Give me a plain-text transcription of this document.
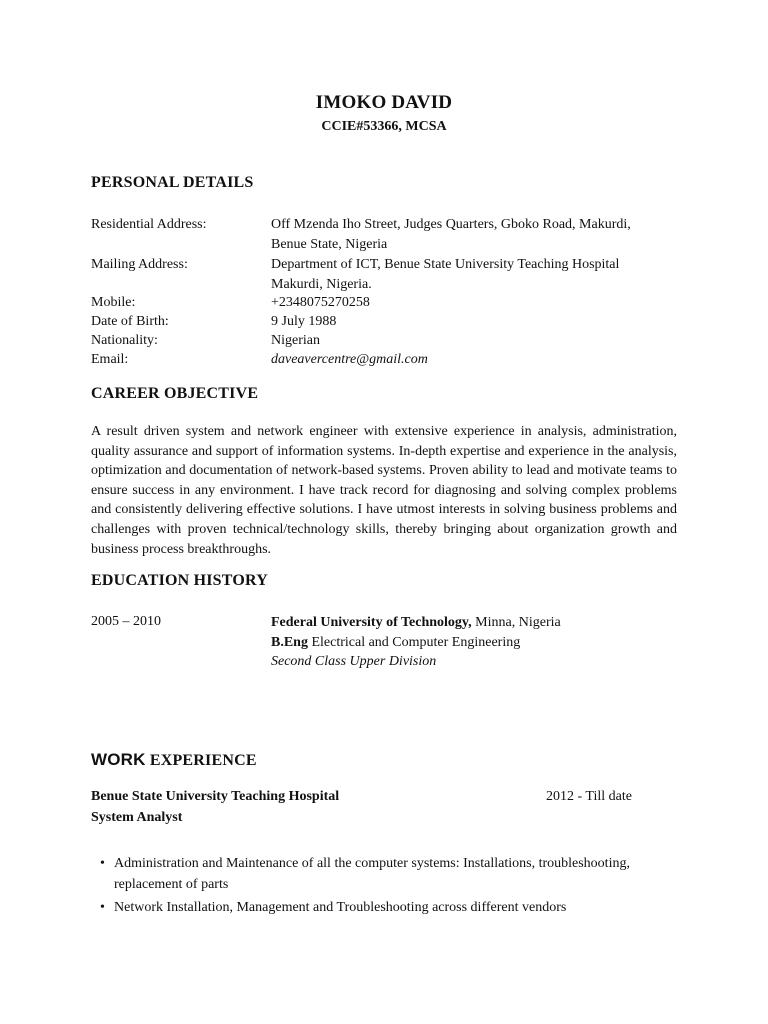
IMOKO DAVID
CCIE#53366, MCSA
PERSONAL DETAILS
Residential Address:	Off Mzenda Iho Street, Judges Quarters, Gboko Road, Makurdi,
Benue State, Nigeria
Mailing Address:	Department of ICT, Benue State University Teaching Hospital
Makurdi, Nigeria.
Mobile:	+2348075270258
Date of Birth:	9 July 1988
Nationality:	Nigerian
Email:	daveavercentre@gmail.com
CAREER OBJECTIVE
A result driven system and network engineer with extensive experience in analysis, administration, quality assurance and support of information systems. In-depth expertise and experience in the analysis, optimization and documentation of network-based systems. Proven ability to lead and motivate teams to ensure success in any environment. I have track record for diagnosing and solving complex problems and consistently delivering effective solutions. I have utmost interests in solving business problems and challenges with proven technical/technology skills, thereby bringing about organization growth and business process breakthroughs.
EDUCATION HISTORY
2005 – 2010	Federal University of Technology, Minna, Nigeria
B.Eng Electrical and Computer Engineering
Second Class Upper Division
WORK EXPERIENCE
Benue State University Teaching Hospital	2012 - Till date
System Analyst
• Administration and Maintenance of all the computer systems: Installations, troubleshooting, replacement of parts
• Network Installation, Management and Troubleshooting across different vendors
